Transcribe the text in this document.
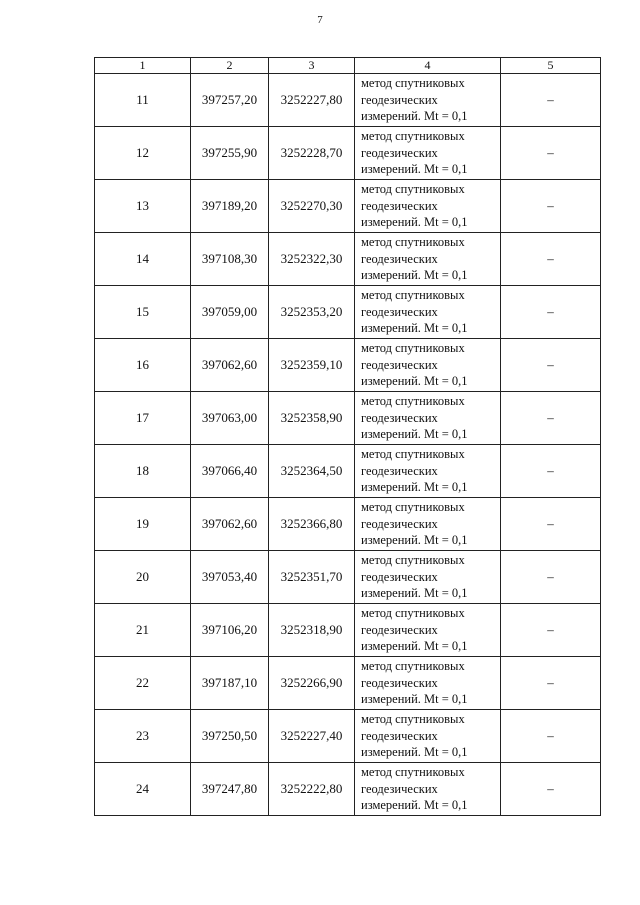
7
1	2	3	4	5
11	397257,20	3252227,80	метод спутниковых
геодезических
измерений. Mt = 0,1	–
12	397255,90	3252228,70	метод спутниковых
геодезических
измерений. Mt = 0,1	–
13	397189,20	3252270,30	метод спутниковых
геодезических
измерений. Mt = 0,1	–
14	397108,30	3252322,30	метод спутниковых
геодезических
измерений. Mt = 0,1	–
15	397059,00	3252353,20	метод спутниковых
геодезических
измерений. Mt = 0,1	–
16	397062,60	3252359,10	метод спутниковых
геодезических
измерений. Mt = 0,1	–
17	397063,00	3252358,90	метод спутниковых
геодезических
измерений. Mt = 0,1	–
18	397066,40	3252364,50	метод спутниковых
геодезических
измерений. Mt = 0,1	–
19	397062,60	3252366,80	метод спутниковых
геодезических
измерений. Mt = 0,1	–
20	397053,40	3252351,70	метод спутниковых
геодезических
измерений. Mt = 0,1	–
21	397106,20	3252318,90	метод спутниковых
геодезических
измерений. Mt = 0,1	–
22	397187,10	3252266,90	метод спутниковых
геодезических
измерений. Mt = 0,1	–
23	397250,50	3252227,40	метод спутниковых
геодезических
измерений. Mt = 0,1	–
24	397247,80	3252222,80	метод спутниковых
геодезических
измерений. Mt = 0,1	–
